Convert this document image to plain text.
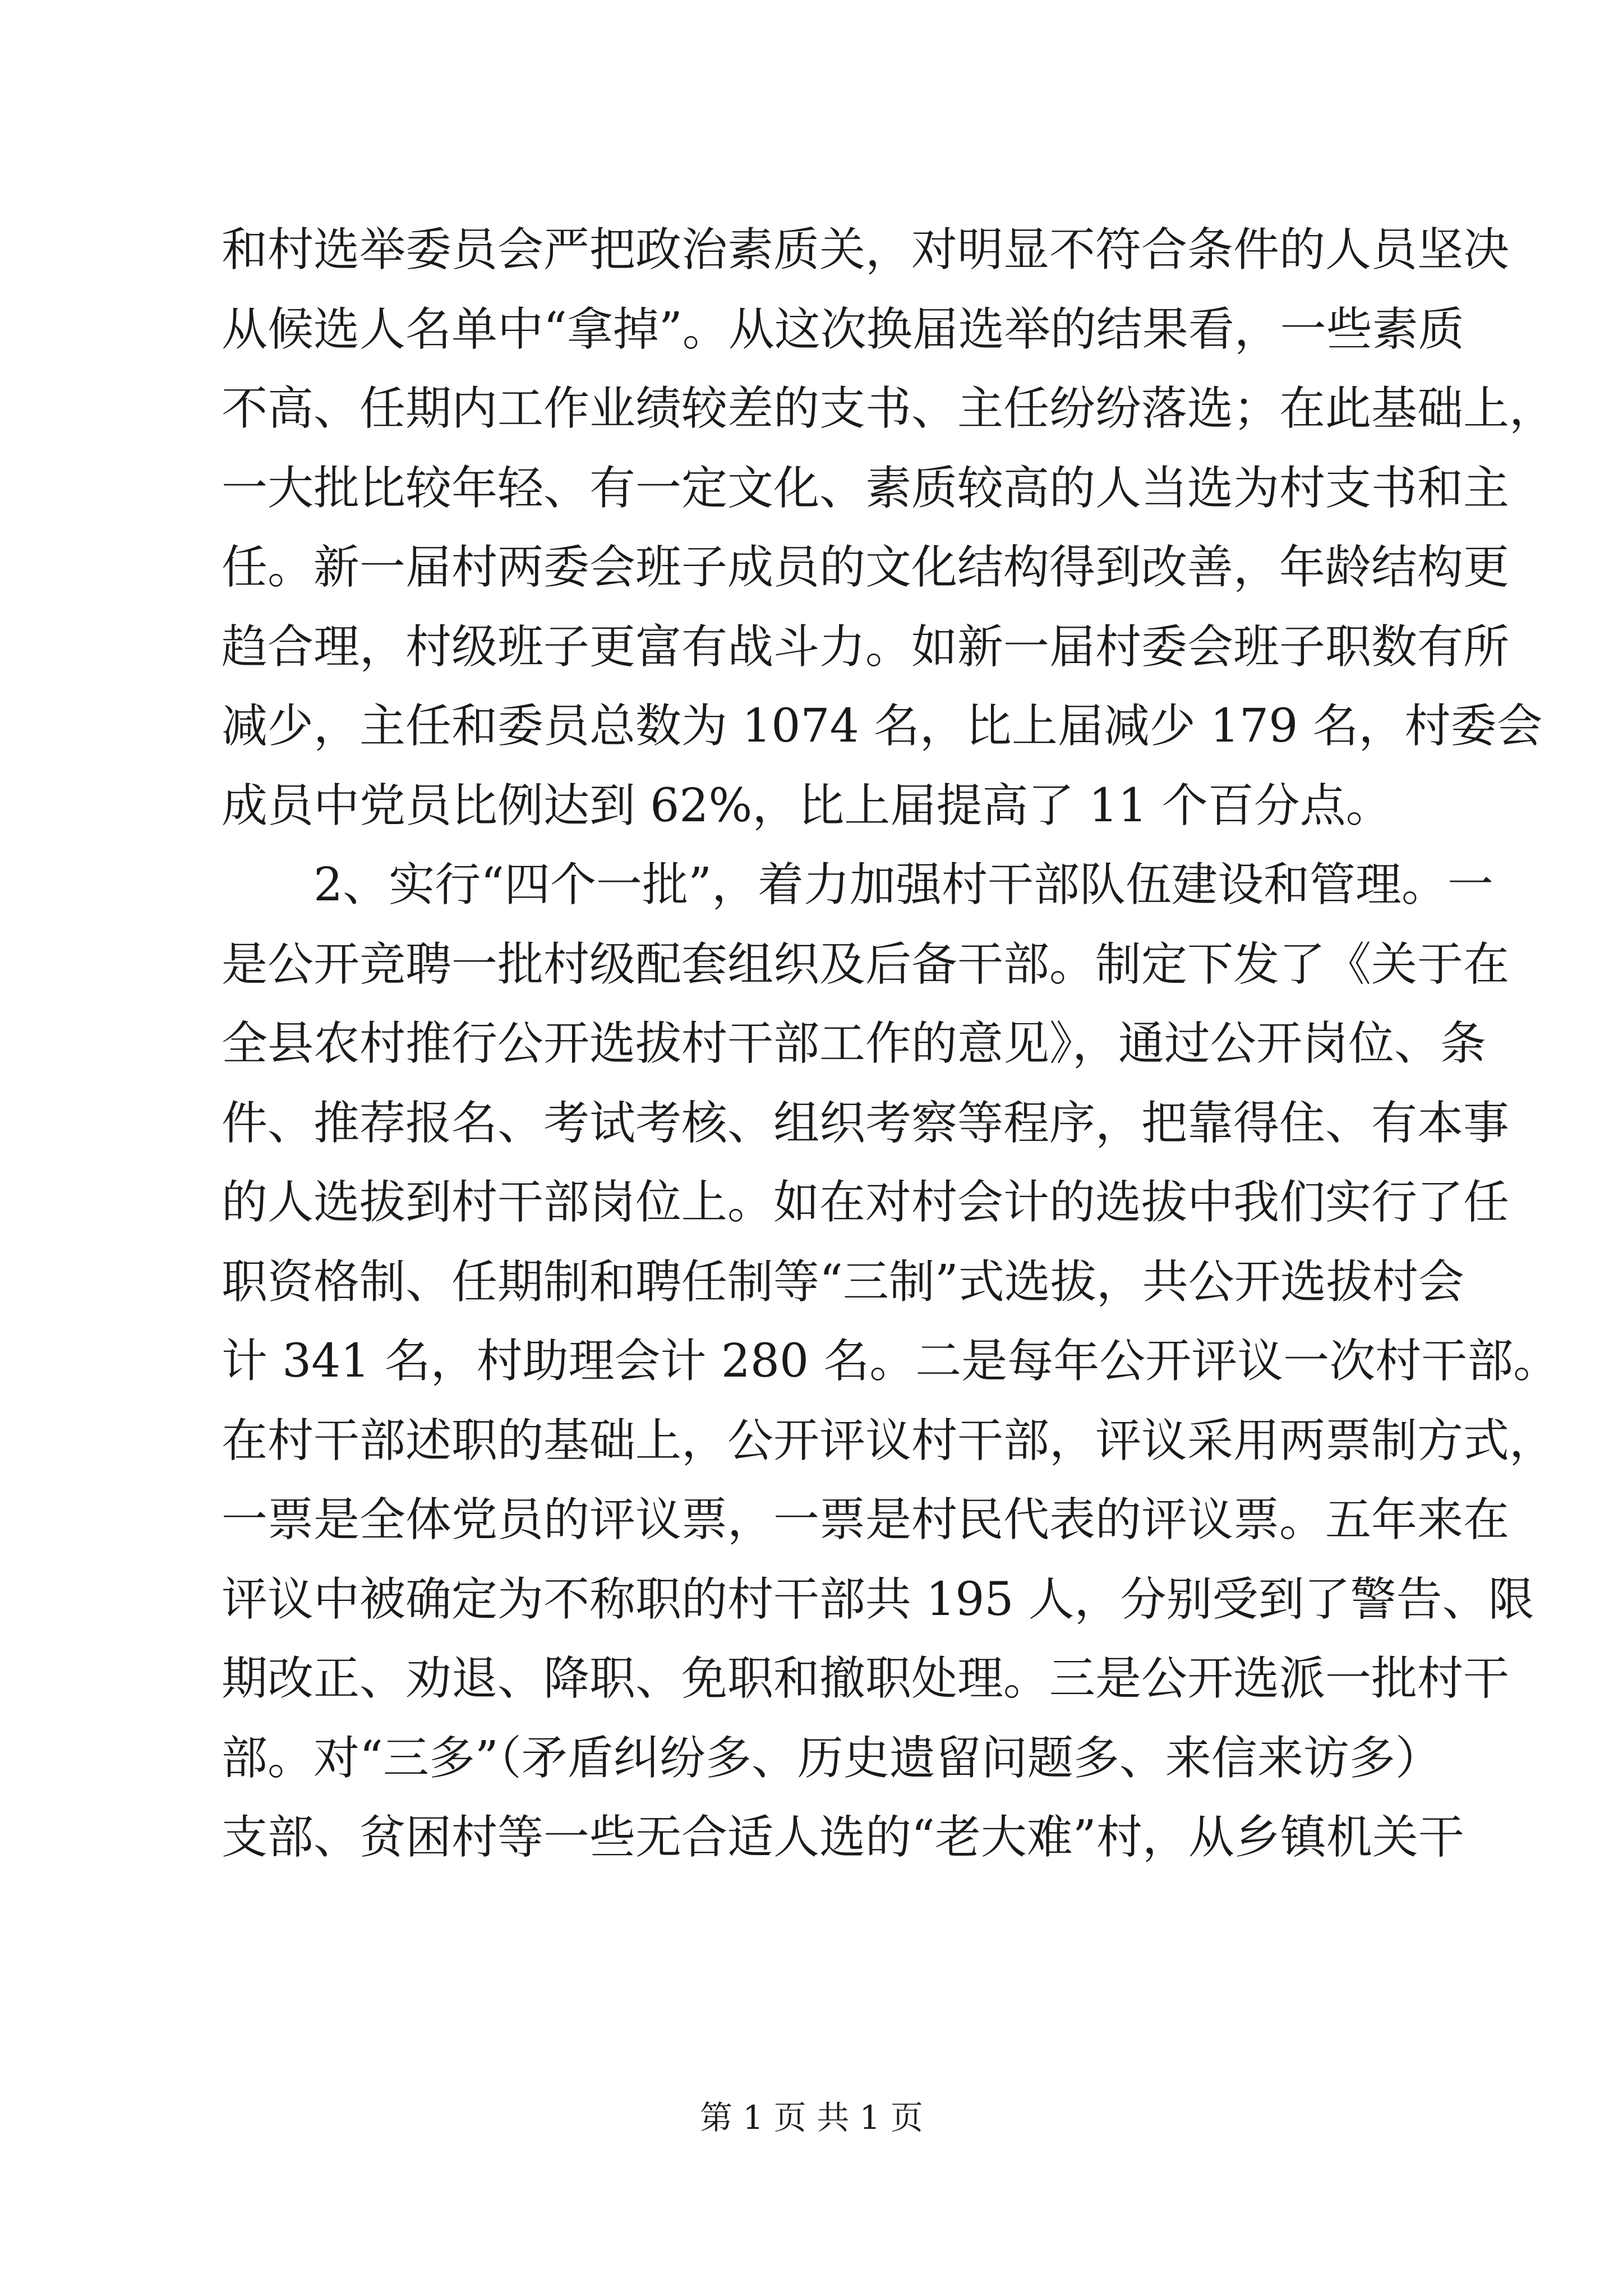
和村选举委员会严把政治素质关，对明显不符合条件的人员坚决
从候选人名单中“拿掉”。从这次换届选举的结果看，一些素质
不高、任期内工作业绩较差的支书、主任纷纷落选；在此基础上，
一大批比较年轻、有一定文化、素质较高的人当选为村支书和主
任。新一届村两委会班子成员的文化结构得到改善，年龄结构更
趋合理，村级班子更富有战斗力。如新一届村委会班子职数有所
减少，主任和委员总数为 1074 名，比上届减少 179 名，村委会
成员中党员比例达到 62%，比上届提高了 11 个百分点。
　　2、实行“四个一批”，着力加强村干部队伍建设和管理。一
是公开竞聘一批村级配套组织及后备干部。制定下发了《关于在
全县农村推行公开选拔村干部工作的意见》，通过公开岗位、条
件、推荐报名、考试考核、组织考察等程序，把靠得住、有本事
的人选拔到村干部岗位上。如在对村会计的选拔中我们实行了任
职资格制、任期制和聘任制等“三制”式选拔，共公开选拔村会
计 341 名，村助理会计 280 名。二是每年公开评议一次村干部。
在村干部述职的基础上，公开评议村干部，评议采用两票制方式，
一票是全体党员的评议票，一票是村民代表的评议票。五年来在
评议中被确定为不称职的村干部共 195 人，分别受到了警告、限
期改正、劝退、降职、免职和撤职处理。三是公开选派一批村干
部。对“三多”（矛盾纠纷多、历史遗留问题多、来信来访多）
支部、贫困村等一些无合适人选的“老大难”村，从乡镇机关干
第 1 页 共 1 页
